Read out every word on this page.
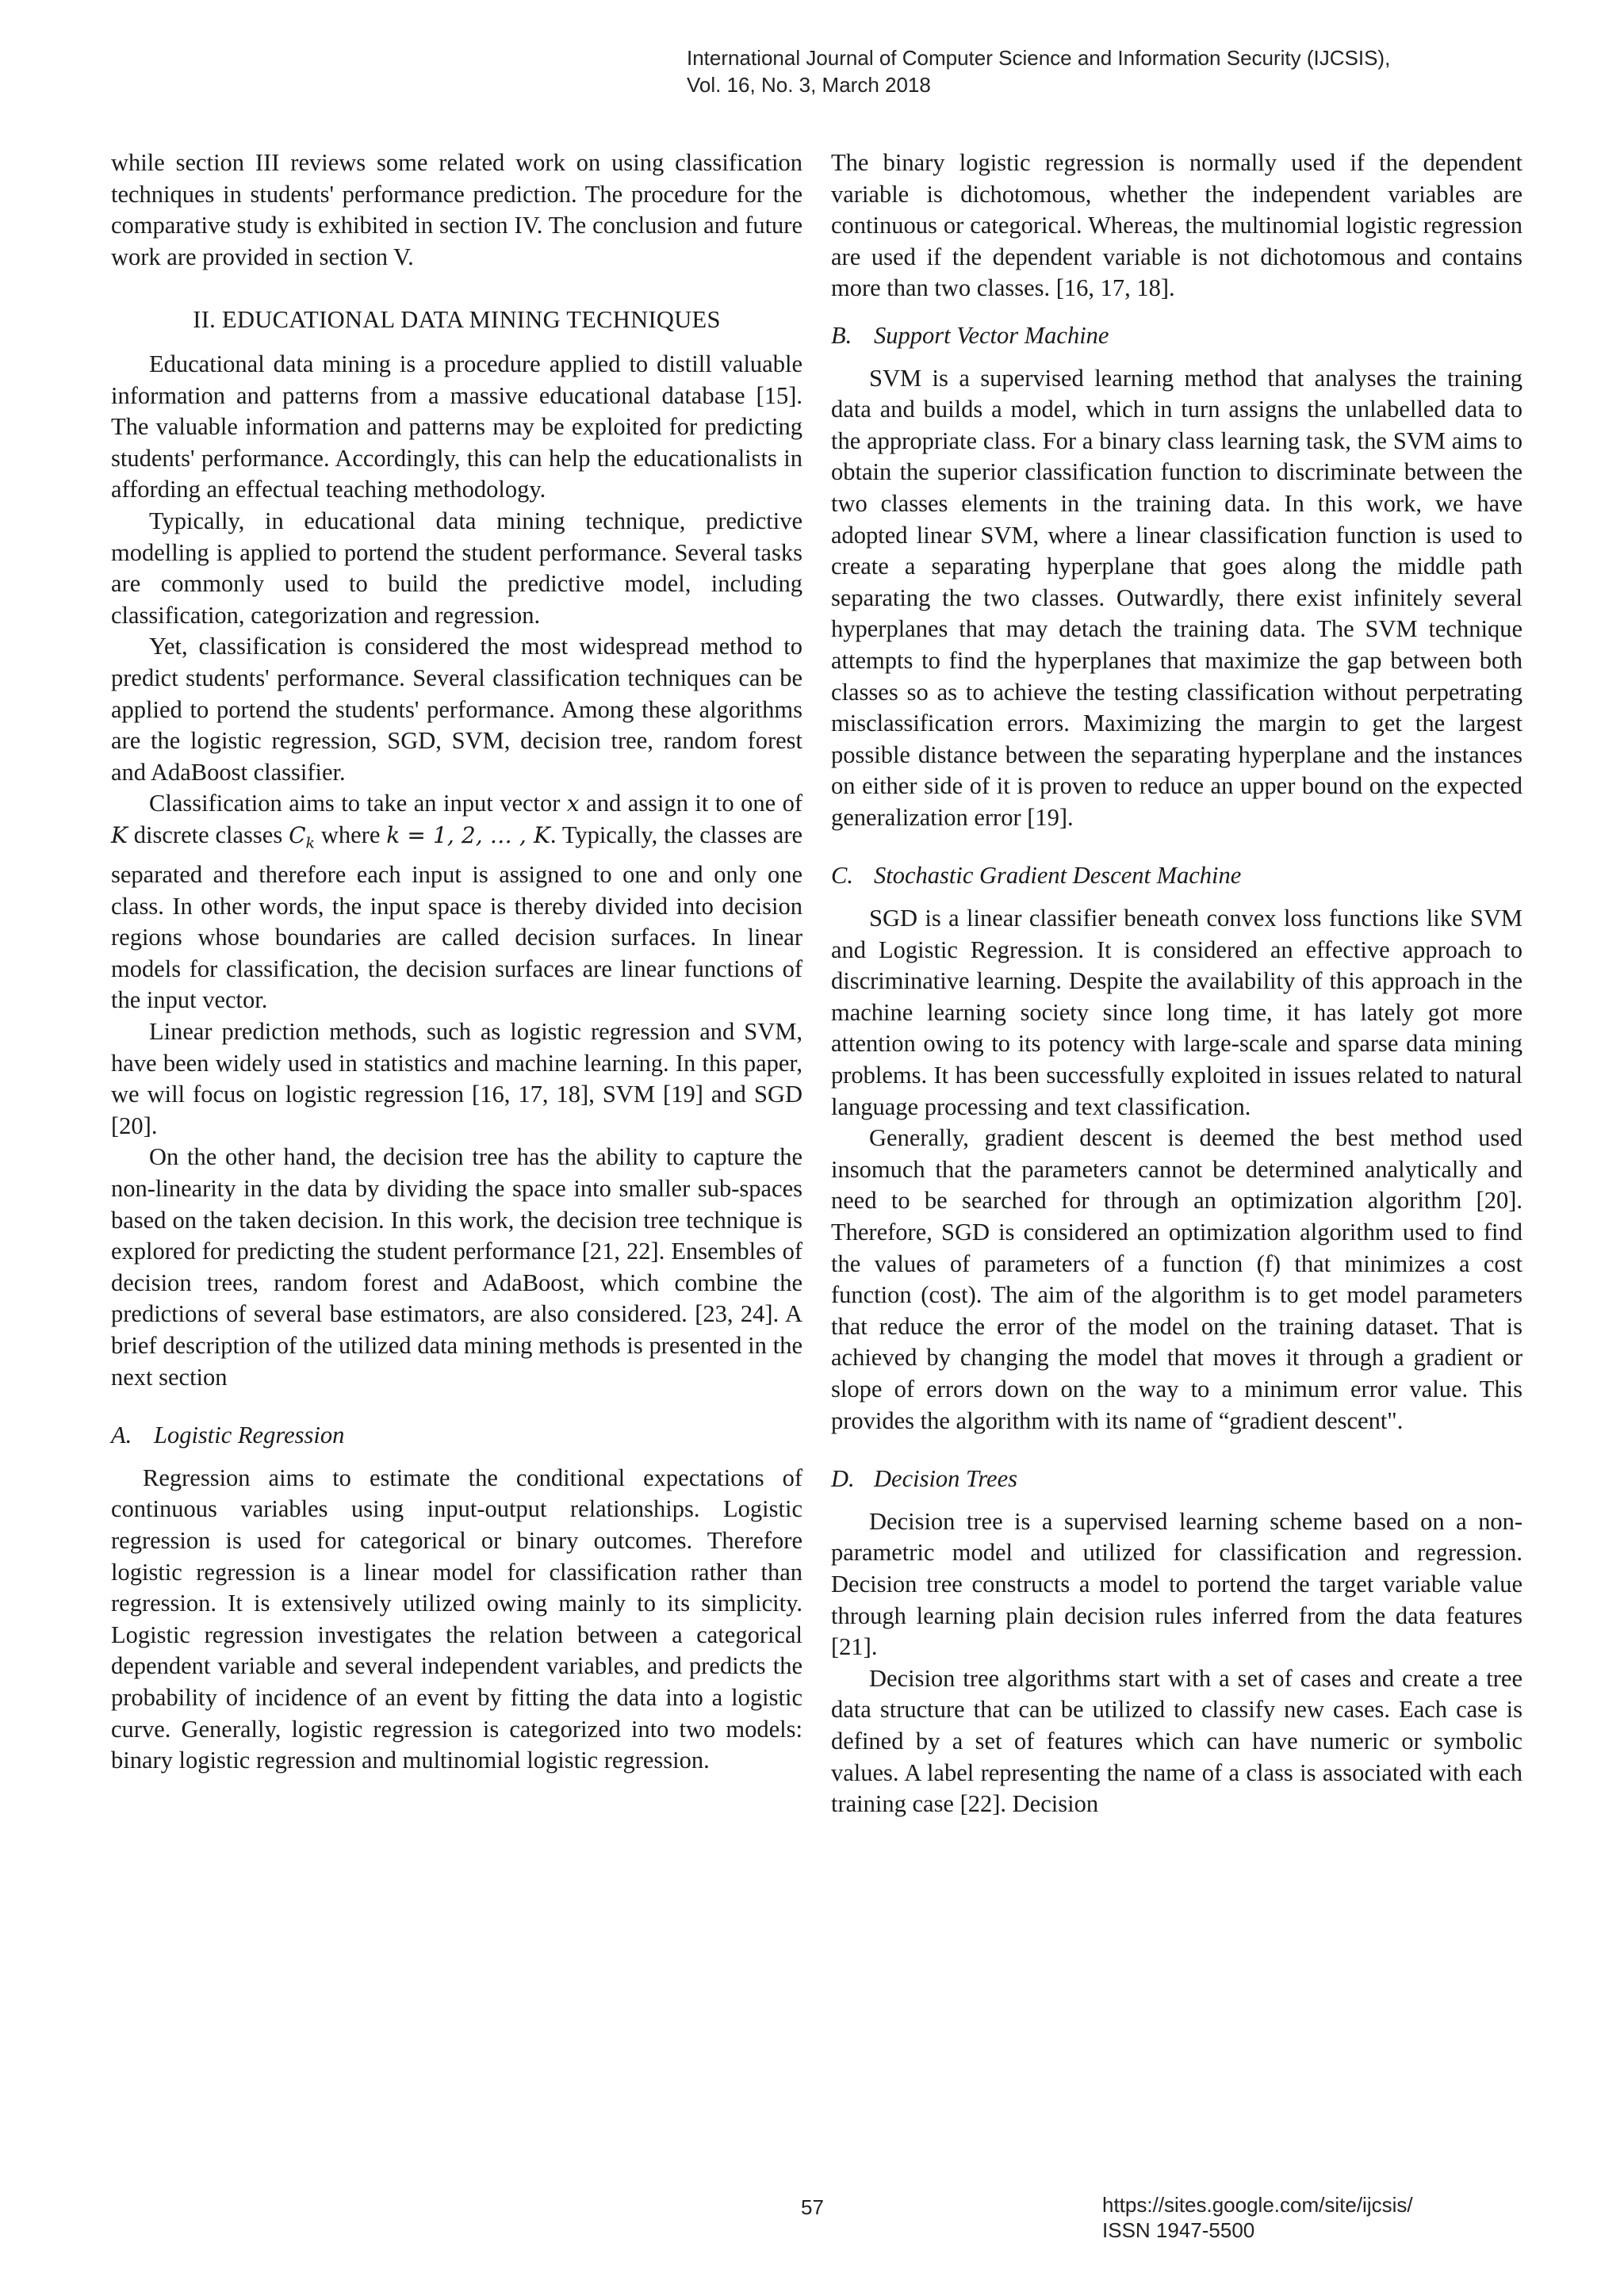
International Journal of Computer Science and Information Security (IJCSIS),
Vol. 16, No. 3, March 2018

while section III reviews some related work on using classification techniques in students' performance prediction. The procedure for the comparative study is exhibited in section IV. The conclusion and future work are provided in section V.

II. EDUCATIONAL DATA MINING TECHNIQUES

Educational data mining is a procedure applied to distill valuable information and patterns from a massive educational database [15]. The valuable information and patterns may be exploited for predicting students' performance. Accordingly, this can help the educationalists in affording an effectual teaching methodology.

Typically, in educational data mining technique, predictive modelling is applied to portend the student performance. Several tasks are commonly used to build the predictive model, including classification, categorization and regression.

Yet, classification is considered the most widespread method to predict students' performance. Several classification techniques can be applied to portend the students' performance. Among these algorithms are the logistic regression, SGD, SVM, decision tree, random forest and AdaBoost classifier.

Classification aims to take an input vector x and assign it to one of K discrete classes $C_k$ where k = 1, 2, … , K. Typically, the classes are separated and therefore each input is assigned to one and only one class. In other words, the input space is thereby divided into decision regions whose boundaries are called decision surfaces. In linear models for classification, the decision surfaces are linear functions of the input vector.

Linear prediction methods, such as logistic regression and SVM, have been widely used in statistics and machine learning. In this paper, we will focus on logistic regression [16, 17, 18], SVM [19] and SGD [20].

On the other hand, the decision tree has the ability to capture the non-linearity in the data by dividing the space into smaller sub-spaces based on the taken decision. In this work, the decision tree technique is explored for predicting the student performance [21, 22]. Ensembles of decision trees, random forest and AdaBoost, which combine the predictions of several base estimators, are also considered. [23, 24]. A brief description of the utilized data mining methods is presented in the next section

A. Logistic Regression

Regression aims to estimate the conditional expectations of continuous variables using input-output relationships. Logistic regression is used for categorical or binary outcomes. Therefore logistic regression is a linear model for classification rather than regression. It is extensively utilized owing mainly to its simplicity. Logistic regression investigates the relation between a categorical dependent variable and several independent variables, and predicts the probability of incidence of an event by fitting the data into a logistic curve. Generally, logistic regression is categorized into two models: binary logistic regression and multinomial logistic regression.

The binary logistic regression is normally used if the dependent variable is dichotomous, whether the independent variables are continuous or categorical. Whereas, the multinomial logistic regression are used if the dependent variable is not dichotomous and contains more than two classes. [16, 17, 18].

B. Support Vector Machine

SVM is a supervised learning method that analyses the training data and builds a model, which in turn assigns the unlabelled data to the appropriate class. For a binary class learning task, the SVM aims to obtain the superior classification function to discriminate between the two classes elements in the training data. In this work, we have adopted linear SVM, where a linear classification function is used to create a separating hyperplane that goes along the middle path separating the two classes. Outwardly, there exist infinitely several hyperplanes that may detach the training data. The SVM technique attempts to find the hyperplanes that maximize the gap between both classes so as to achieve the testing classification without perpetrating misclassification errors. Maximizing the margin to get the largest possible distance between the separating hyperplane and the instances on either side of it is proven to reduce an upper bound on the expected generalization error [19].

C. Stochastic Gradient Descent Machine

SGD is a linear classifier beneath convex loss functions like SVM and Logistic Regression. It is considered an effective approach to discriminative learning. Despite the availability of this approach in the machine learning society since long time, it has lately got more attention owing to its potency with large-scale and sparse data mining problems. It has been successfully exploited in issues related to natural language processing and text classification.

Generally, gradient descent is deemed the best method used insomuch that the parameters cannot be determined analytically and need to be searched for through an optimization algorithm [20]. Therefore, SGD is considered an optimization algorithm used to find the values of parameters of a function (f) that minimizes a cost function (cost). The aim of the algorithm is to get model parameters that reduce the error of the model on the training dataset. That is achieved by changing the model that moves it through a gradient or slope of errors down on the way to a minimum error value. This provides the algorithm with its name of “gradient descent".

D. Decision Trees

Decision tree is a supervised learning scheme based on a non-parametric model and utilized for classification and regression. Decision tree constructs a model to portend the target variable value through learning plain decision rules inferred from the data features [21].

Decision tree algorithms start with a set of cases and create a tree data structure that can be utilized to classify new cases. Each case is defined by a set of features which can have numeric or symbolic values. A label representing the name of a class is associated with each training case [22]. Decision

57	https://sites.google.com/site/ijcsis/
ISSN 1947-5500
